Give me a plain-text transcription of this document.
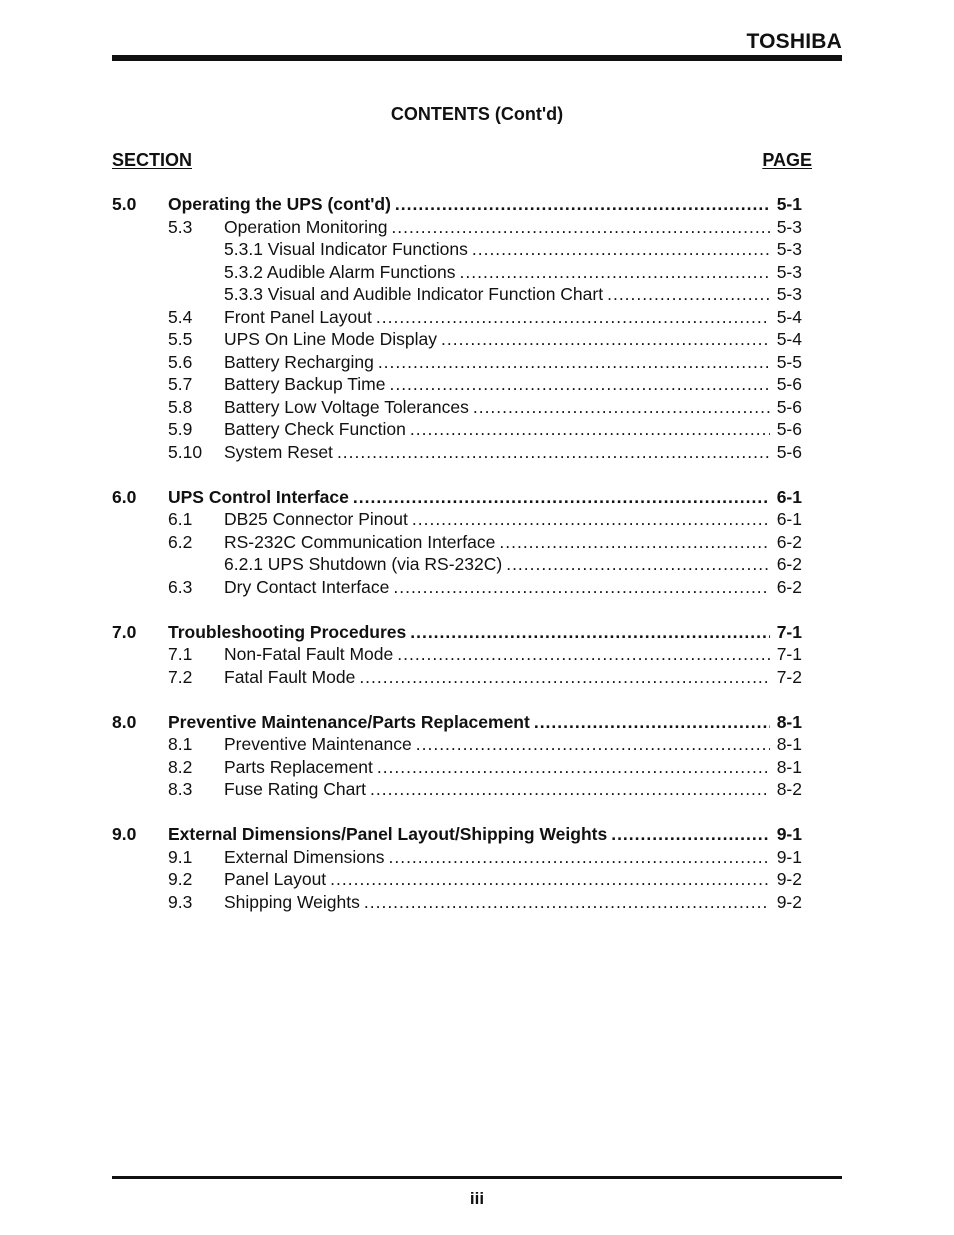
TOSHIBA
CONTENTS (Cont'd)
SECTION	PAGE
5.0 Operating the UPS (cont'd) .....	5-1
5.3 Operation Monitoring .....	5-3
5.3.1 Visual Indicator Functions .....	5-3
5.3.2 Audible Alarm Functions .....	5-3
5.3.3 Visual and Audible Indicator Function Chart .....	5-3
5.4 Front Panel Layout .....	5-4
5.5 UPS On Line Mode Display .....	5-4
5.6 Battery Recharging .....	5-5
5.7 Battery Backup Time .....	5-6
5.8 Battery Low Voltage Tolerances .....	5-6
5.9 Battery Check Function .....	5-6
5.10 System Reset .....	5-6
6.0 UPS Control Interface .....	6-1
6.1 DB25 Connector Pinout .....	6-1
6.2 RS-232C Communication Interface .....	6-2
6.2.1 UPS Shutdown (via RS-232C) .....	6-2
6.3 Dry Contact Interface .....	6-2
7.0 Troubleshooting Procedures .....	7-1
7.1 Non-Fatal Fault Mode .....	7-1
7.2 Fatal Fault Mode .....	7-2
8.0 Preventive Maintenance/Parts Replacement .....	8-1
8.1 Preventive Maintenance .....	8-1
8.2 Parts Replacement .....	8-1
8.3 Fuse Rating Chart .....	8-2
9.0 External Dimensions/Panel Layout/Shipping Weights .....	9-1
9.1 External Dimensions .....	9-1
9.2 Panel Layout .....	9-2
9.3 Shipping Weights .....	9-2
iii
